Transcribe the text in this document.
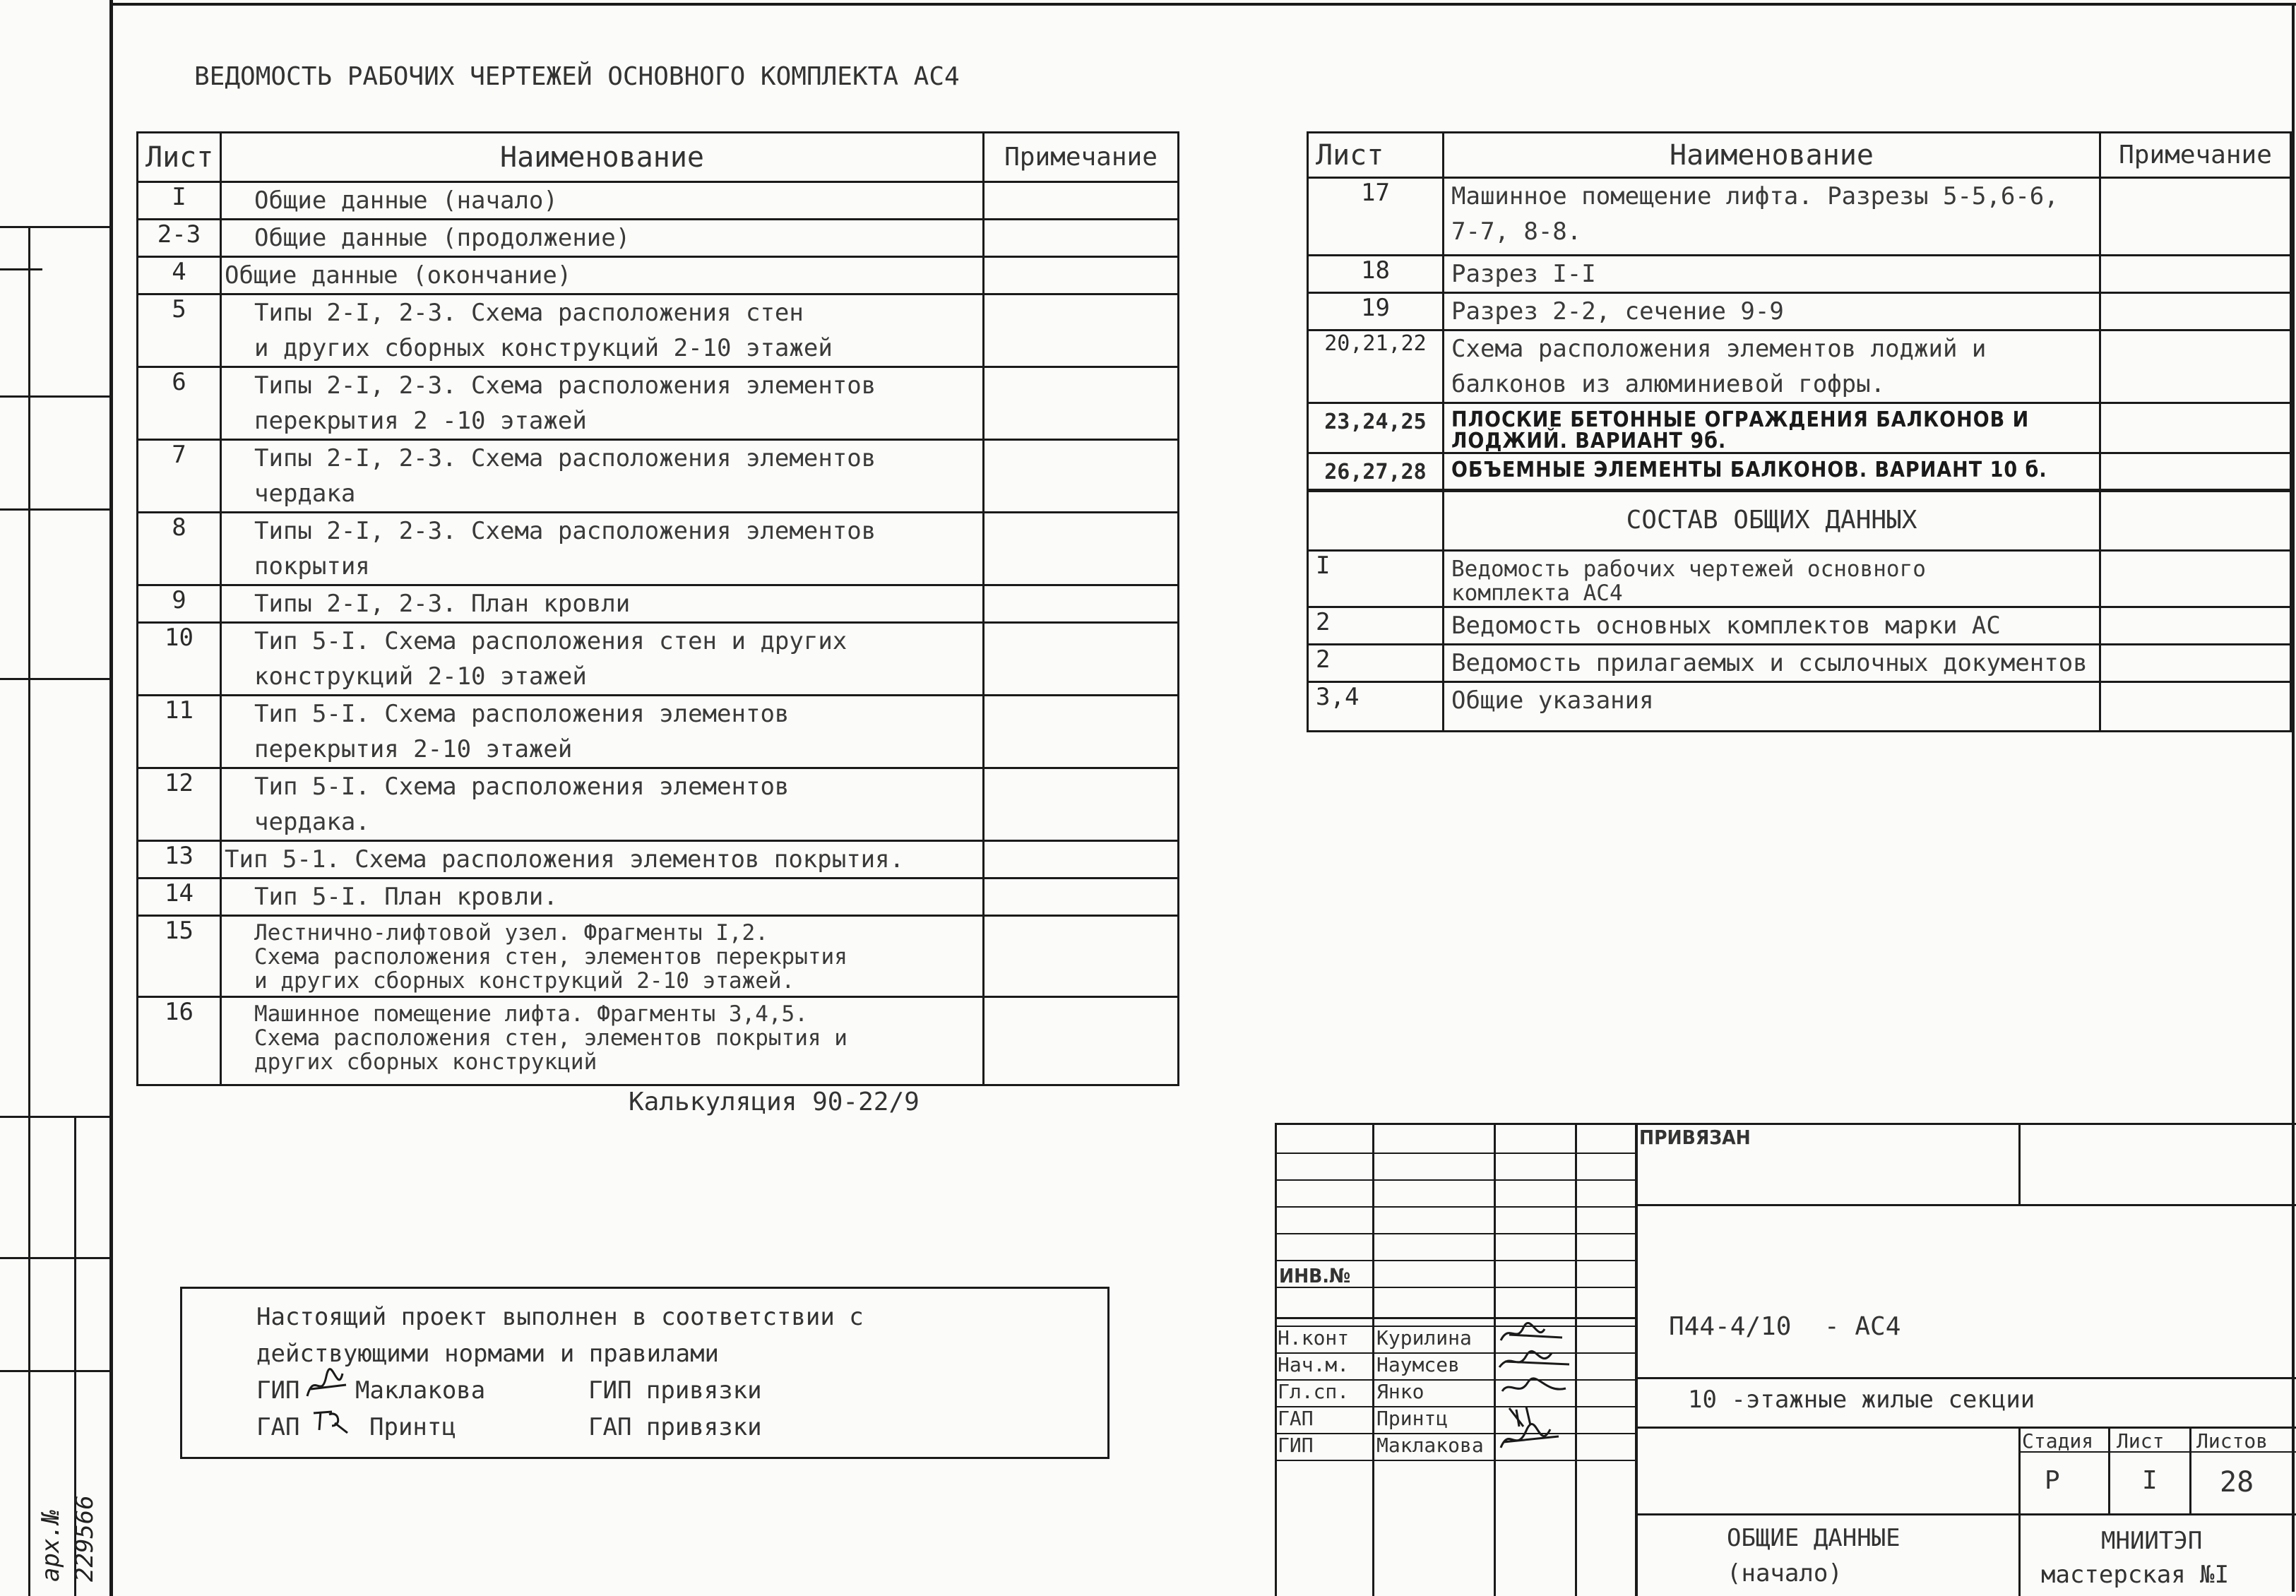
арх.№ 229566
ВЕДОМОСТЬ РАБОЧИХ ЧЕРТЕЖЕЙ ОСНОВНОГО КОМПЛЕКТА АС4
Лист	Наименование	Примечание
I	Общие данные (начало)	
2-3	Общие данные (продолжение)	
4	Общие данные (окончание)	
5	Типы 2-I, 2-3. Схема расположения стен
и других сборных конструкций 2-10 этажей	
6	Типы 2-I, 2-3. Схема расположения элементов
перекрытия 2 -10 этажей	
7	Типы 2-I, 2-3. Схема расположения элементов
чердака	
8	Типы 2-I, 2-3. Схема расположения элементов
покрытия	
9	Типы 2-I, 2-3. План кровли	
10	Тип 5-I. Схема расположения стен и других
конструкций 2-10 этажей	
11	Тип 5-I. Схема расположения элементов
перекрытия 2-10 этажей	
12	Тип 5-I. Схема расположения элементов
чердака.	
13	Тип 5-1. Схема расположения элементов покрытия.	
14	Тип 5-I. План кровли.	
15	Лестнично-лифтовой узел. Фрагменты I,2.
Схема расположения стен, элементов перекрытия
и других сборных конструкций 2-10 этажей.	
16	Машинное помещение лифта. Фрагменты 3,4,5.
Схема расположения стен, элементов покрытия и
других сборных конструкций	
Лист	Наименование	Примечание
17	Машинное помещение лифта. Разрезы 5-5,6-6,
7-7, 8-8.	
18	Разрез I-I	
19	Разрез 2-2, сечение 9-9	
20,21,22	Схема расположения элементов лоджий и
балконов из алюминиевой гофры.	
23,24,25	ПЛОСКИЕ БЕТОННЫЕ ОГРАЖДЕНИЯ БАЛКОНОВ И
ЛОДЖИЙ. ВАРИАНТ 9б.	
26,27,28	ОБЪЕМНЫЕ ЭЛЕМЕНТЫ БАЛКОНОВ. ВАРИАНТ 10 б.	
	СОСТАВ ОБЩИХ ДАННЫХ	
I	Ведомость рабочих чертежей основного
комплекта АС4	
2	Ведомость основных комплектов марки АС	
2	Ведомость прилагаемых и ссылочных документов	
3,4	Общие указания	
Калькуляция 90-22/9
Настоящий проект выполнен в соответствии с
действующими нормами и правилами
ГИП Маклакова	ГИП привязки
ГАП	Принтц	ГАП привязки
ПРИВЯЗАН
ИНВ.№
Н.конт Курилина
Нач.м. Наумсев
Гл.сп. Янко
ГАП	Принтц
ГИП	Маклакова
П44-4/10 - АС4
10 -этажные жилые секции
Стадия Лист Листов
Р	I 28
ОБЩИЕ ДАННЫЕ
(начало)
МНИИТЭП
мастерская №I
